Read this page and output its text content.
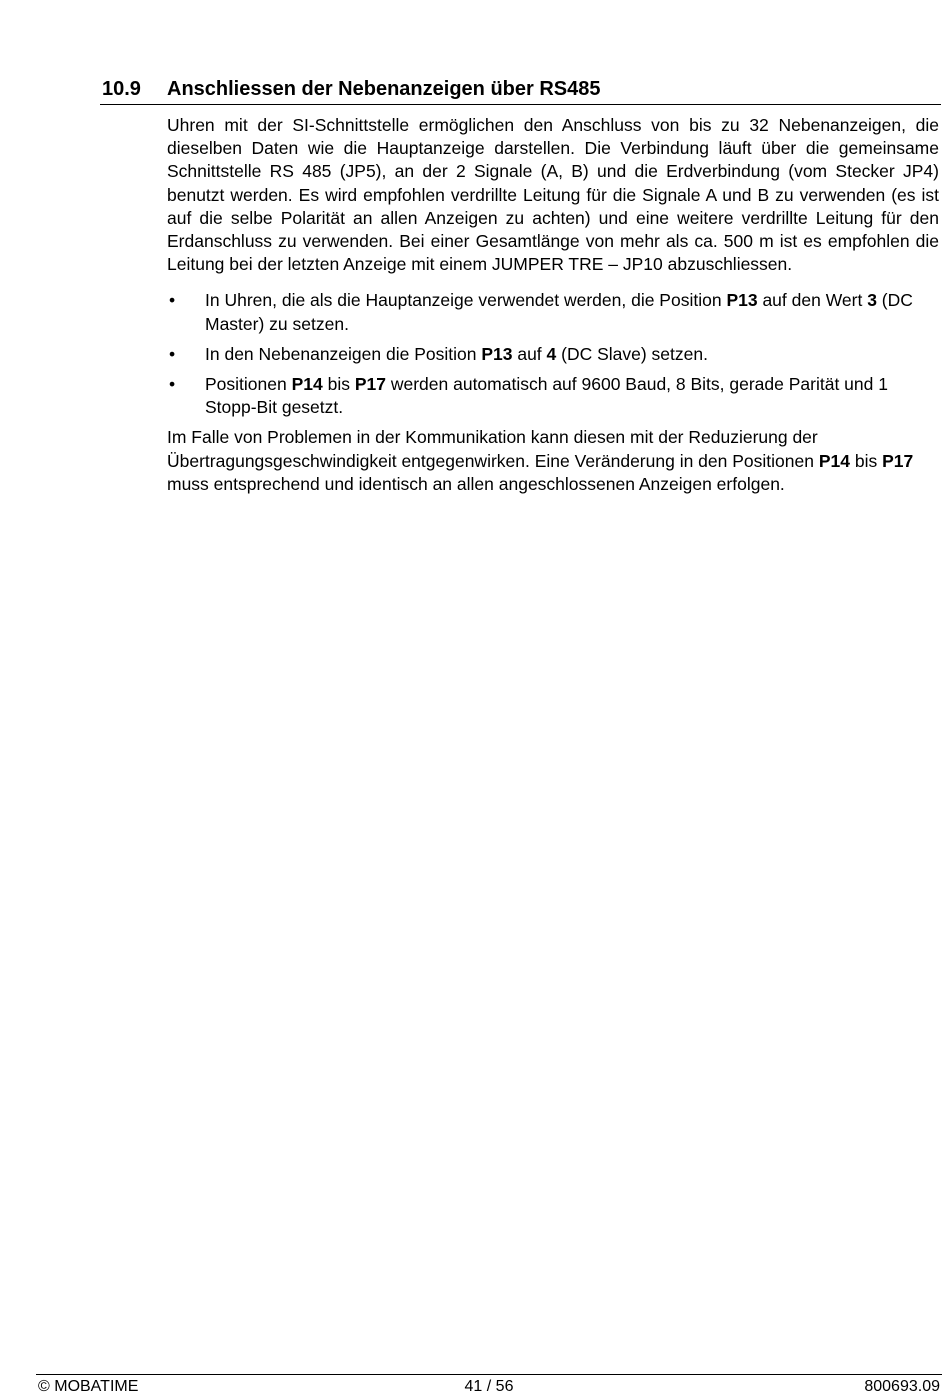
10.9 Anschliessen der Nebenanzeigen über RS485

Uhren mit der SI-Schnittstelle ermöglichen den Anschluss von bis zu 32 Nebenanzeigen, die dieselben Daten wie die Hauptanzeige darstellen. Die Verbindung läuft über die gemeinsame Schnittstelle RS 485 (JP5), an der 2 Signale (A, B) und die Erdverbindung (vom Stecker JP4) benutzt werden. Es wird empfohlen verdrillte Leitung für die Signale A und B zu verwenden (es ist auf die selbe Polarität an allen Anzeigen zu achten) und eine weitere verdrillte Leitung für den Erdanschluss zu verwenden. Bei einer Gesamtlänge von mehr als ca. 500 m ist es empfohlen die Leitung bei der letzten Anzeige mit einem JUMPER TRE – JP10 abzuschliessen.

• In Uhren, die als die Hauptanzeige verwendet werden, die Position P13 auf den Wert 3 (DC Master) zu setzen.
• In den Nebenanzeigen die Position P13 auf 4 (DC Slave) setzen.
• Positionen P14 bis P17 werden automatisch auf 9600 Baud, 8 Bits, gerade Parität und 1 Stopp-Bit gesetzt.

Im Falle von Problemen in der Kommunikation kann diesen mit der Reduzierung der Übertragungsgeschwindigkeit entgegenwirken. Eine Veränderung in den Positionen P14 bis P17 muss entsprechend und identisch an allen angeschlossenen Anzeigen erfolgen.

© MOBATIME	41 / 56	800693.09
